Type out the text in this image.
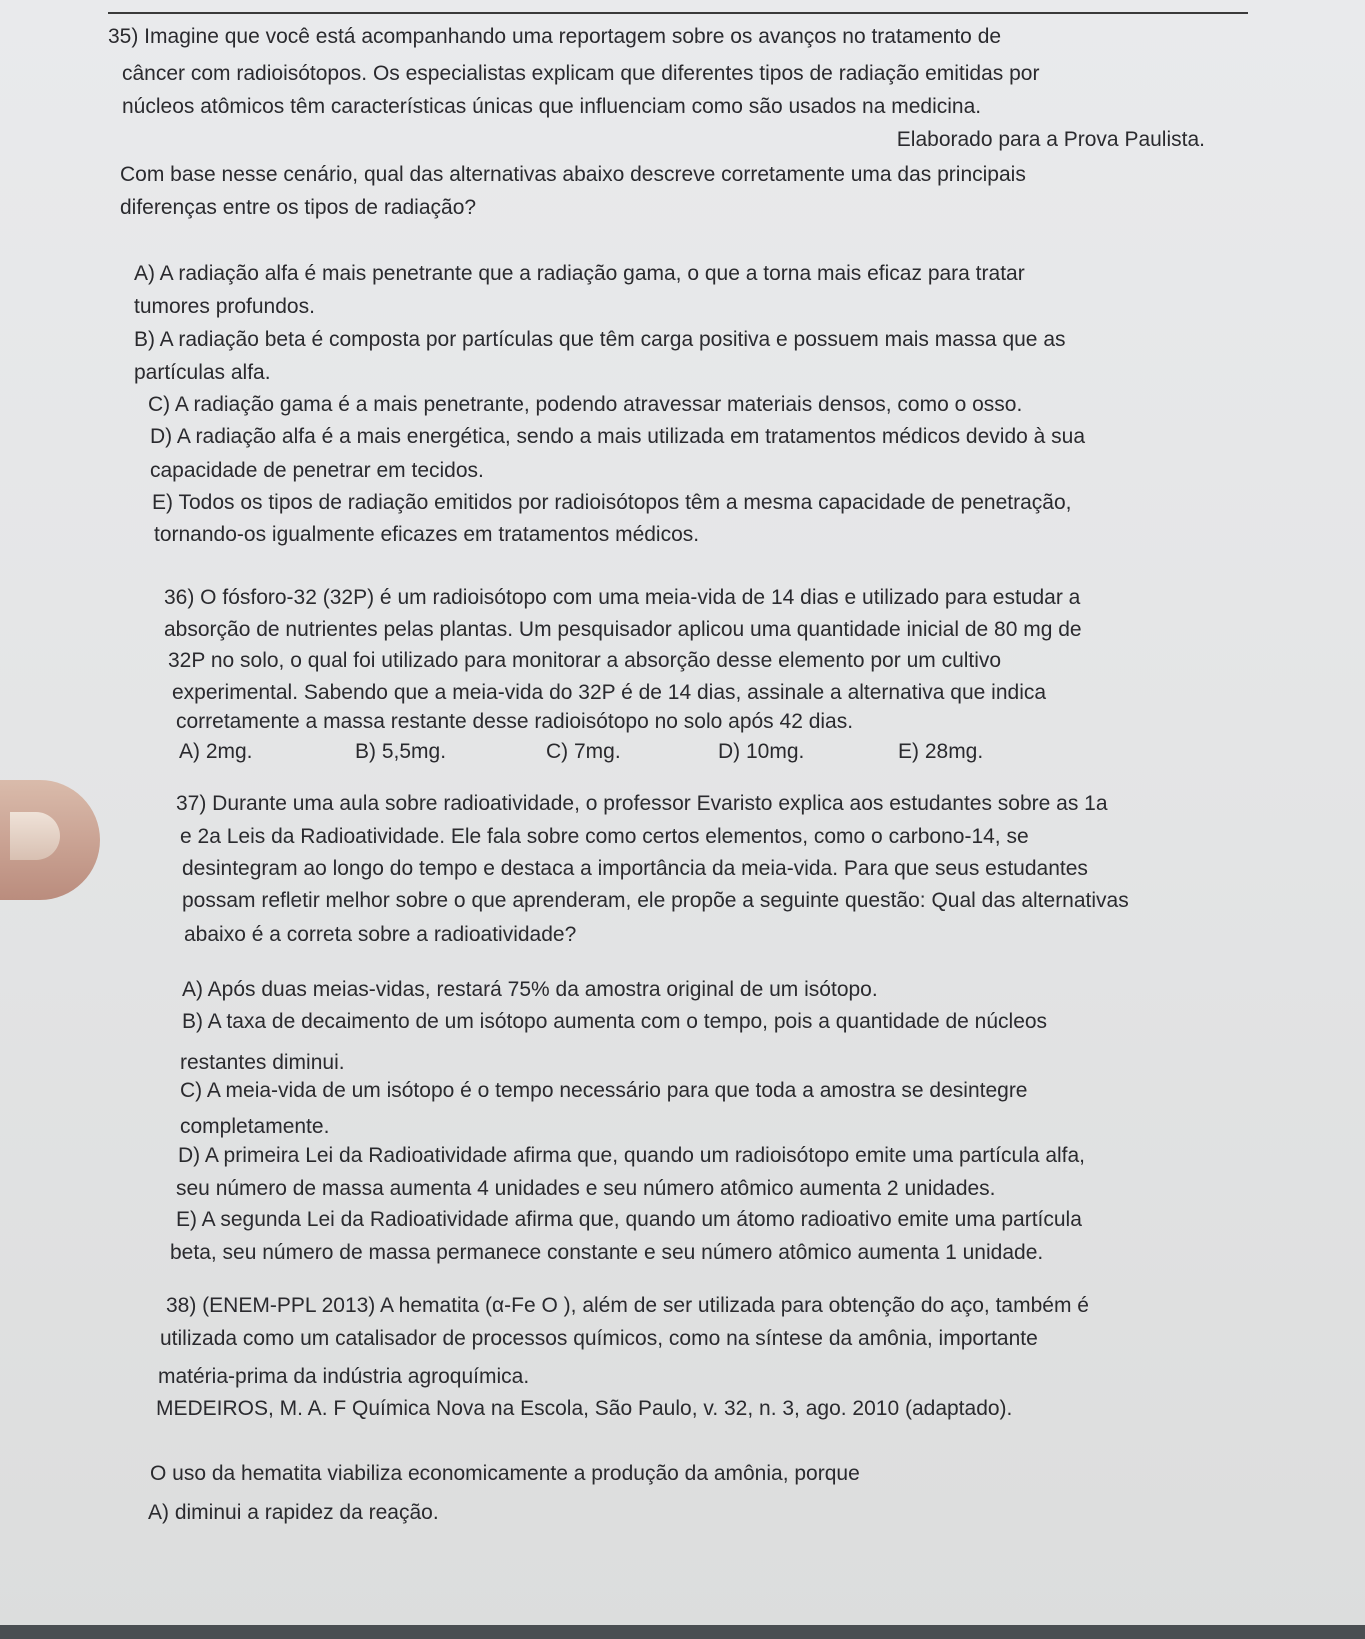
35) Imagine que você está acompanhando uma reportagem sobre os avanços no tratamento de
câncer com radioisótopos. Os especialistas explicam que diferentes tipos de radiação emitidas por
núcleos atômicos têm características únicas que influenciam como são usados na medicina.
Elaborado para a Prova Paulista.
Com base nesse cenário, qual das alternativas abaixo descreve corretamente uma das principais
diferenças entre os tipos de radiação?
A) A radiação alfa é mais penetrante que a radiação gama, o que a torna mais eficaz para tratar
tumores profundos.
B) A radiação beta é composta por partículas que têm carga positiva e possuem mais massa que as
partículas alfa.
C) A radiação gama é a mais penetrante, podendo atravessar materiais densos, como o osso.
D) A radiação alfa é a mais energética, sendo a mais utilizada em tratamentos médicos devido à sua
capacidade de penetrar em tecidos.
E) Todos os tipos de radiação emitidos por radioisótopos têm a mesma capacidade de penetração,
tornando-os igualmente eficazes em tratamentos médicos.
36) O fósforo-32 (32P) é um radioisótopo com uma meia-vida de 14 dias e utilizado para estudar a
absorção de nutrientes pelas plantas. Um pesquisador aplicou uma quantidade inicial de 80 mg de
32P no solo, o qual foi utilizado para monitorar a absorção desse elemento por um cultivo
experimental. Sabendo que a meia-vida do 32P é de 14 dias, assinale a alternativa que indica
corretamente a massa restante desse radioisótopo no solo após 42 dias.
A) 2mg.	B) 5,5mg.	C) 7mg.	D) 10mg.	E) 28mg.
37) Durante uma aula sobre radioatividade, o professor Evaristo explica aos estudantes sobre as 1a
e 2a Leis da Radioatividade. Ele fala sobre como certos elementos, como o carbono-14, se
desintegram ao longo do tempo e destaca a importância da meia-vida. Para que seus estudantes
possam refletir melhor sobre o que aprenderam, ele propõe a seguinte questão: Qual das alternativas
abaixo é a correta sobre a radioatividade?
A) Após duas meias-vidas, restará 75% da amostra original de um isótopo.
B) A taxa de decaimento de um isótopo aumenta com o tempo, pois a quantidade de núcleos
restantes diminui.
C) A meia-vida de um isótopo é o tempo necessário para que toda a amostra se desintegre
completamente.
D) A primeira Lei da Radioatividade afirma que, quando um radioisótopo emite uma partícula alfa,
seu número de massa aumenta 4 unidades e seu número atômico aumenta 2 unidades.
E) A segunda Lei da Radioatividade afirma que, quando um átomo radioativo emite uma partícula
beta, seu número de massa permanece constante e seu número atômico aumenta 1 unidade.
38) (ENEM-PPL 2013) A hematita (α-Fe O ), além de ser utilizada para obtenção do aço, também é
utilizada como um catalisador de processos químicos, como na síntese da amônia, importante
matéria-prima da indústria agroquímica.
MEDEIROS, M. A. F Química Nova na Escola, São Paulo, v. 32, n. 3, ago. 2010 (adaptado).
O uso da hematita viabiliza economicamente a produção da amônia, porque
A) diminui a rapidez da reação.
